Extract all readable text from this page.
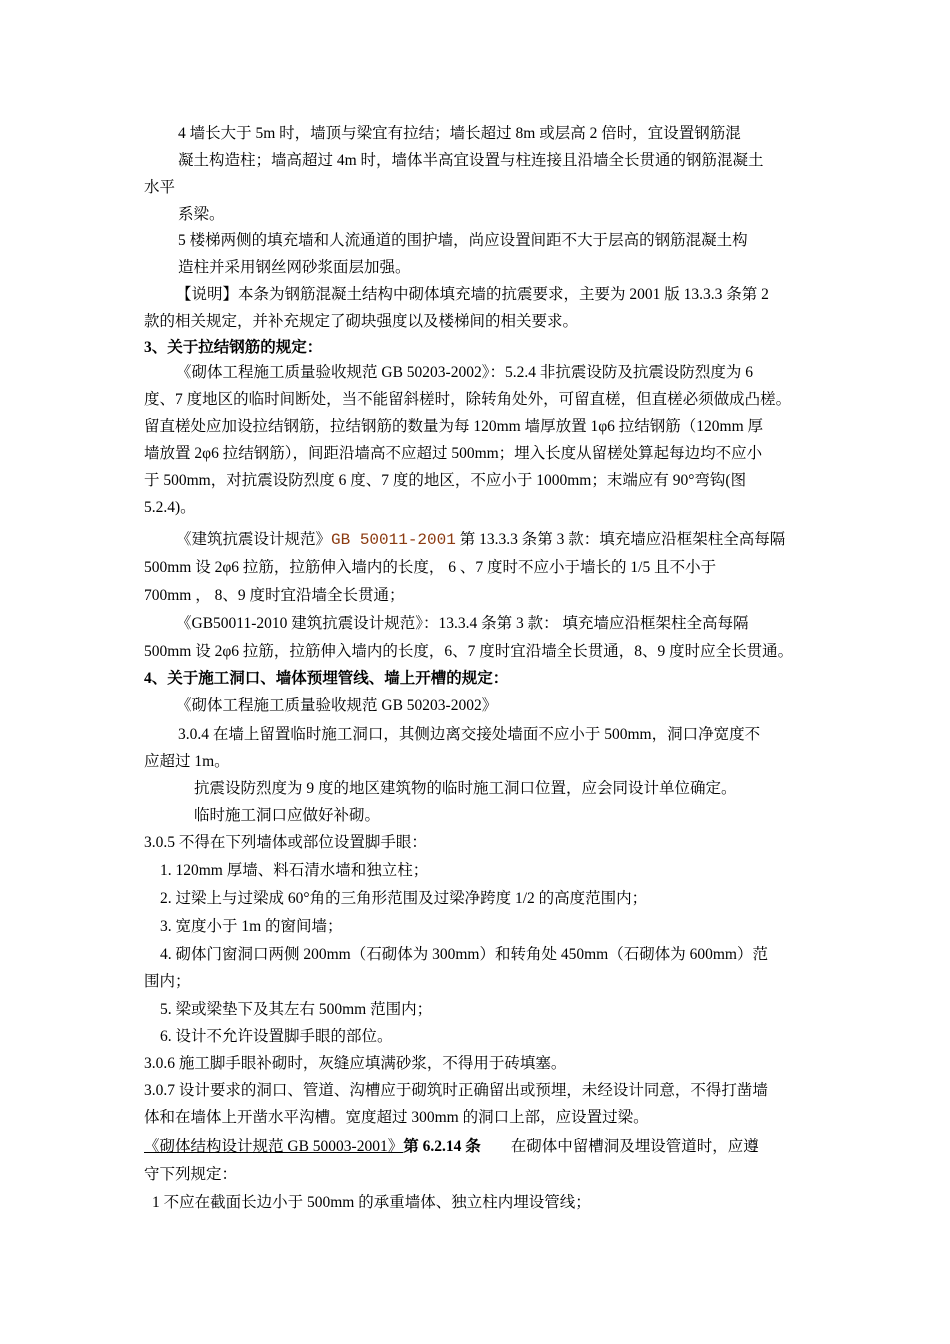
4 墙长大于 5m 时，墙顶与梁宜有拉结；墙长超过 8m 或层高 2 倍时，宜设置钢筋混
凝土构造柱；墙高超过 4m 时，墙体半高宜设置与柱连接且沿墙全长贯通的钢筋混凝土
水平
系梁。
5 楼梯两侧的填充墙和人流通道的围护墙，尚应设置间距不大于层高的钢筋混凝土构
造柱并采用钢丝网砂浆面层加强。
【说明】本条为钢筋混凝土结构中砌体填充墙的抗震要求，主要为 2001 版 13.3.3 条第 2
款的相关规定，并补充规定了砌块强度以及楼梯间的相关要求。
3、关于拉结钢筋的规定：
《砌体工程施工质量验收规范 GB 50203-2002》：5.2.4 非抗震设防及抗震设防烈度为 6
度、7 度地区的临时间断处，当不能留斜槎时，除转角处外，可留直槎，但直槎必须做成凸槎。
留直槎处应加设拉结钢筋，拉结钢筋的数量为每 120mm 墙厚放置 1φ6 拉结钢筋（120mm 厚
墙放置 2φ6 拉结钢筋），间距沿墙高不应超过 500mm；埋入长度从留槎处算起每边均不应小
于 500mm，对抗震设防烈度 6 度、7 度的地区，不应小于 1000mm；末端应有 90°弯钩(图
5.2.4)。
《建筑抗震设计规范》GB 50011-2001 第 13.3.3 条第 3 款：填充墙应沿框架柱全高每隔
500mm 设 2φ6 拉筋，拉筋伸入墙内的长度， 6 、7 度时不应小于墙长的 1/5 且不小于
700mm ， 8、9 度时宜沿墙全长贯通；
《GB50011-2010 建筑抗震设计规范》：13.3.4 条第 3 款： 填充墙应沿框架柱全高每隔
500mm 设 2φ6 拉筋，拉筋伸入墙内的长度，6、7 度时宜沿墙全长贯通，8、9 度时应全长贯通。
4、关于施工洞口、墙体预埋管线、墙上开槽的规定：
《砌体工程施工质量验收规范 GB 50203-2002》
3.0.4 在墙上留置临时施工洞口，其侧边离交接处墙面不应小于 500mm，洞口净宽度不
应超过 1m。
抗震设防烈度为 9 度的地区建筑物的临时施工洞口位置，应会同设计单位确定。
临时施工洞口应做好补砌。
3.0.5 不得在下列墙体或部位设置脚手眼：
1. 120mm 厚墙、料石清水墙和独立柱；
2. 过梁上与过梁成 60°角的三角形范围及过梁净跨度 1/2 的高度范围内；
3. 宽度小于 1m 的窗间墙；
4. 砌体门窗洞口两侧 200mm（石砌体为 300mm）和转角处 450mm（石砌体为 600mm）范
围内；
5. 梁或梁垫下及其左右 500mm 范围内；
6. 设计不允许设置脚手眼的部位。
3.0.6 施工脚手眼补砌时，灰缝应填满砂浆，不得用于砖填塞。
3.0.7 设计要求的洞口、管道、沟槽应于砌筑时正确留出或预埋，未经设计同意，不得打凿墙
体和在墙体上开凿水平沟槽。宽度超过 300mm 的洞口上部，应设置过梁。
《砌体结构设计规范 GB 50003-2001》第 6.2.14 条 在砌体中留槽洞及埋设管道时，应遵
守下列规定：
1 不应在截面长边小于 500mm 的承重墙体、独立柱内埋设管线；
